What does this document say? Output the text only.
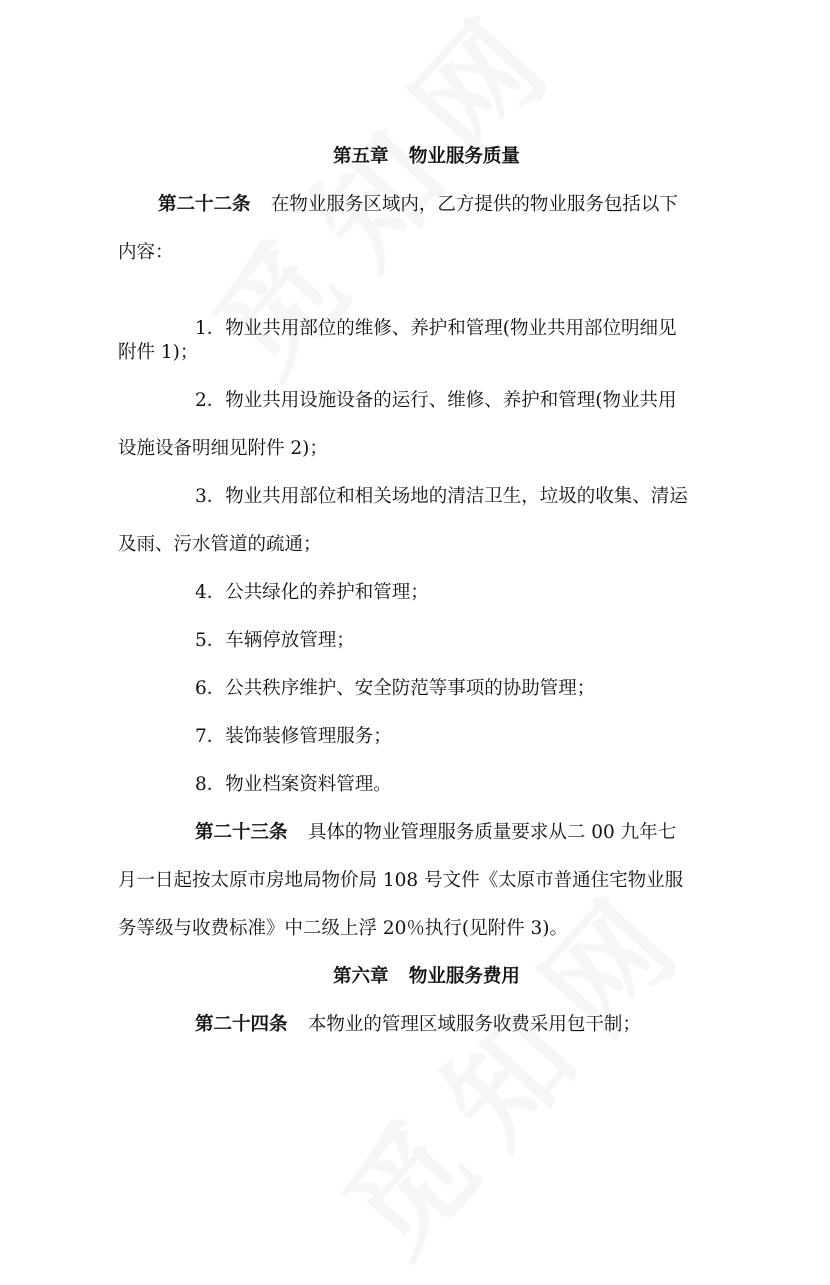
第五章 物业服务质量
第二十二条 在物业服务区域内，乙方提供的物业服务包括以下
内容：
1．物业共用部位的维修、养护和管理(物业共用部位明细见
附件 1)；
2．物业共用设施设备的运行、维修、养护和管理(物业共用
设施设备明细见附件 2)；
3．物业共用部位和相关场地的清洁卫生，垃圾的收集、清运
及雨、污水管道的疏通；
4．公共绿化的养护和管理；
5．车辆停放管理；
6．公共秩序维护、安全防范等事项的协助管理；
7．装饰装修管理服务；
8．物业档案资料管理。
第二十三条 具体的物业管理服务质量要求从二 00 九年七
月一日起按太原市房地局物价局 108 号文件《太原市普通住宅物业服
务等级与收费标准》中二级上浮 20％执行(见附件 3)。
第六章 物业服务费用
第二十四条 本物业的管理区域服务收费采用包干制；
